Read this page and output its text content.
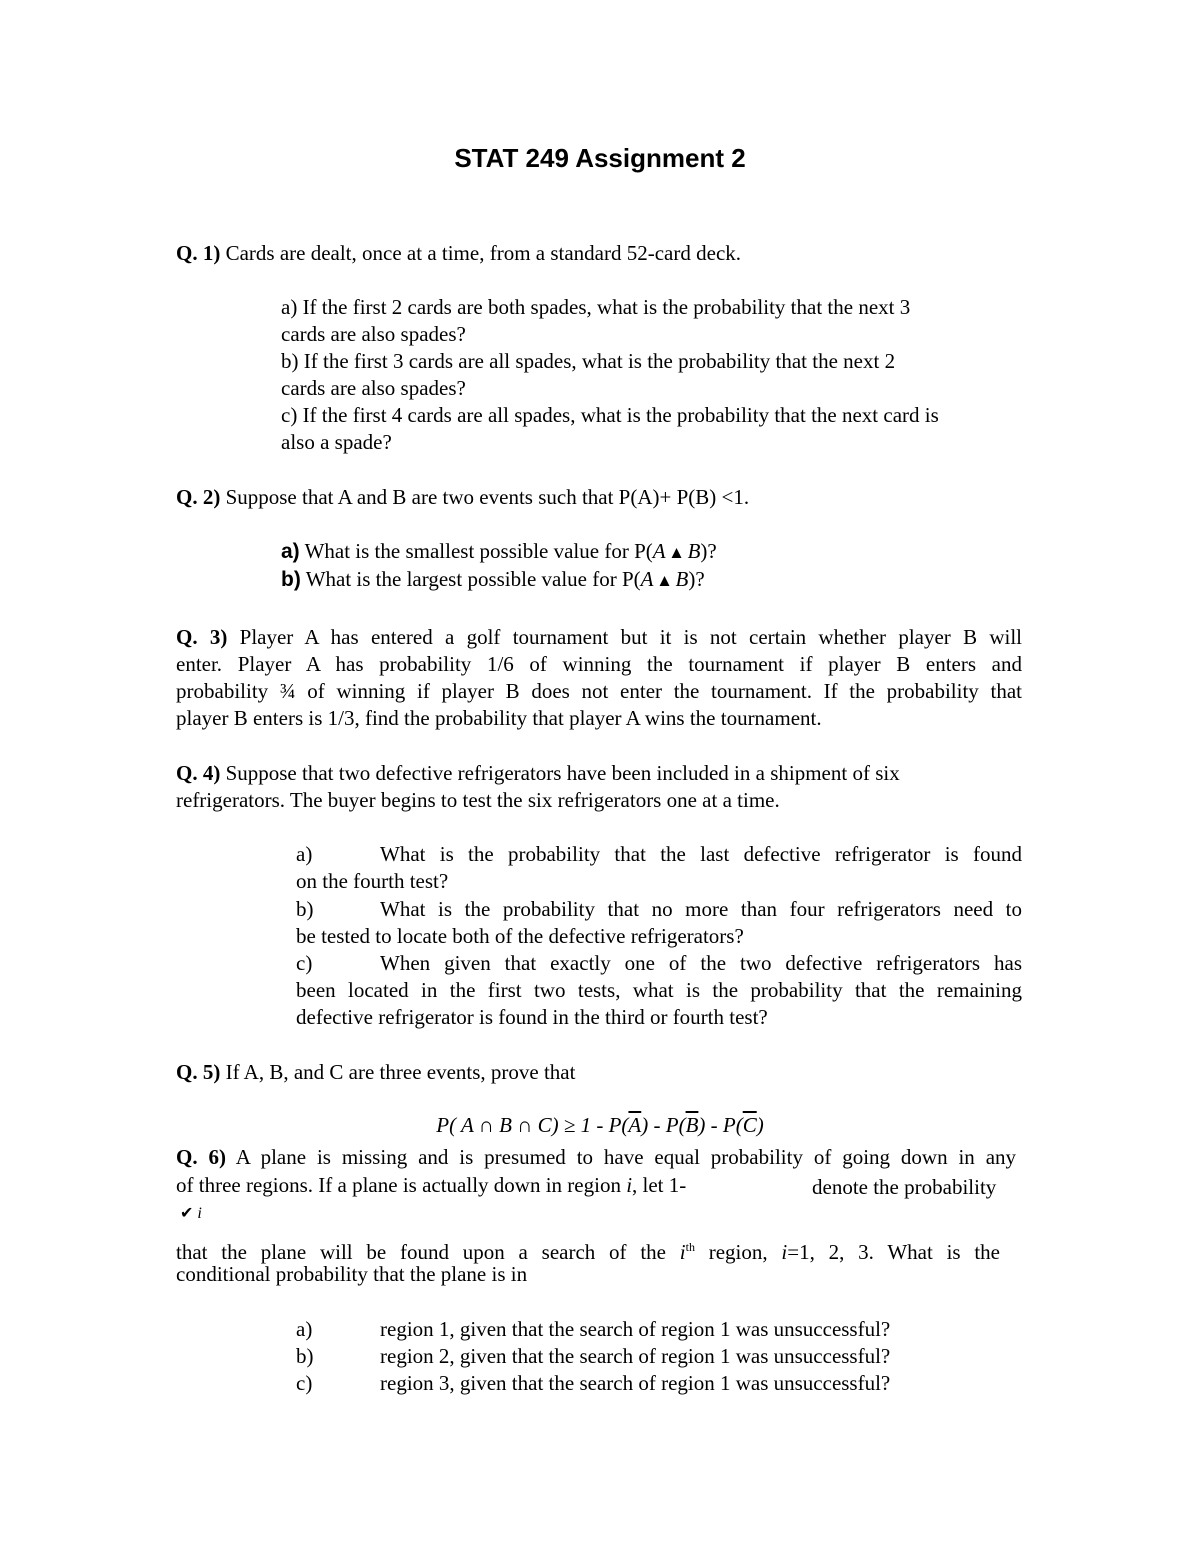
STAT 249 Assignment 2
Q. 1) Cards are dealt, once at a time, from a standard 52-card deck.
a) If the first 2 cards are both spades, what is the probability that the next 3
cards are also spades?
b) If the first 3 cards are all spades, what is the probability that the next 2
cards are also spades?
c) If the first 4 cards are all spades, what is the probability that the next card is
also a spade?
Q. 2) Suppose that A and B are two events such that P(A)+ P(B) <1.
a) What is the smallest possible value for P(A ▲ B)?
b) What is the largest possible value for P(A ▲ B)?
Q. 3) Player A has entered a golf tournament but it is not certain whether player B will
enter. Player A has probability 1/6 of winning the tournament if player B enters and
probability ¾ of winning if player B does not enter the tournament. If the probability that
player B enters is 1/3, find the probability that player A wins the tournament.
Q. 4) Suppose that two defective refrigerators have been included in a shipment of six
refrigerators. The buyer begins to test the six refrigerators one at a time.
a)	What is the probability that the last defective refrigerator is found
on the fourth test?
b)	What is the probability that no more than four refrigerators need to
be tested to locate both of the defective refrigerators?
c)	When given that exactly one of the two defective refrigerators has
been located in the first two tests, what is the probability that the remaining
defective refrigerator is found in the third or fourth test?
Q. 5) If A, B, and C are three events, prove that
P( A ∩ B ∩ $C) \ge 1 - P(\overline{A}) - P(\overline{B}) - P(\overline{C})$
Q. 6) A plane is missing and is presumed to have equal probability of going down in any
of three regions. If a plane is actually down in region i, let 1-	denote the probability
✔ i
that the plane will be found upon a search of the $i^{th}$ region, i=1, 2, 3. What is the
conditional probability that the plane is in
a)	region 1, given that the search of region 1 was unsuccessful?
b)	region 2, given that the search of region 1 was unsuccessful?
c)	region 3, given that the search of region 1 was unsuccessful?
